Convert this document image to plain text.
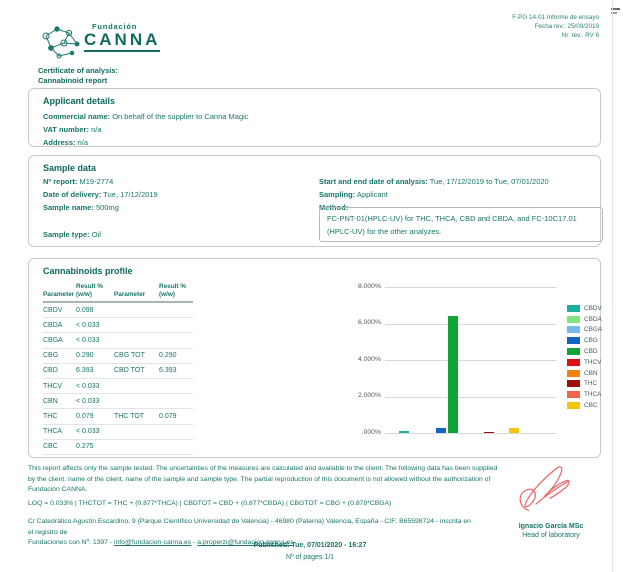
F-PG 14-01 Informe de ensayo
Fecha rev.: 25/09/2019
Nr. rev.: RV 6
Fundación
CANNA
Certificate of analysis:
Cannabinoid report
Applicant details
Commercial name: On behalf of the supplier to Canna Magic
VAT number: n/a
Address: n/a
Sample data
Nº report: M19-2774
Date of delivery: Tue, 17/12/2019
Sample name: 500mg
Sample type: Oil
Start and end date of analysis: Tue, 17/12/2019 to Tue, 07/01/2020
Sampling: Applicant
Method:
FC-PNT-01(HPLC-UV) for THC, THCA, CBD and CBDA, and FC-10C17.01 (HPLC-UV) for the other analyzes.
Cannabinoids profile
Parameter
Result %
(w/w)	Parameter
Result %
(w/w)
CBDV	0.098
CBDA	< 0.033
CBGA	< 0.033
CBG	0.290	CBG TOT	0.290
CBD	6.393	CBD TOT	6.393
THCV	< 0.033
CBN	< 0.033
THC	0.079	THC TOT	0.079
THCA	< 0.033
CBC	0.275
CBDV
CBDA
CBGA
CBG
CBD
THCV
CBN
THC
THCA
CBC
8.000%
6.000%
4.000%
2.000%
.000%
This report affects only the sample tested. The uncertainties of the measures are calculated and available to the client. The following data has been supplied by the client: name of the client, name of the sample and sample type. The partial reproduction of this document is not allowed without the authorization of Fundación CANNA.
LOQ = 0.033% | THCTOT = THC + (0.877*THCA) | CBDTOT = CBD + (0.877*CBDA) | CBGTOT = CBG + (0.878*CBGA)
C/ Catedrático Agustín Escardino, 9 (Parque Científico Universidad de Valencia) - 46980 (Paterna) Valencia, España - CIF: B65598724 - inscrita en el registro de
Fundaciones con Nº: 1397 - info@fundacion-canna.es - a.properzi@fundacion-canna.es
Published: Tue, 07/01/2020 - 16:27
Nº of pages 1/1
Ignacio García MSc
Head of laboratory
